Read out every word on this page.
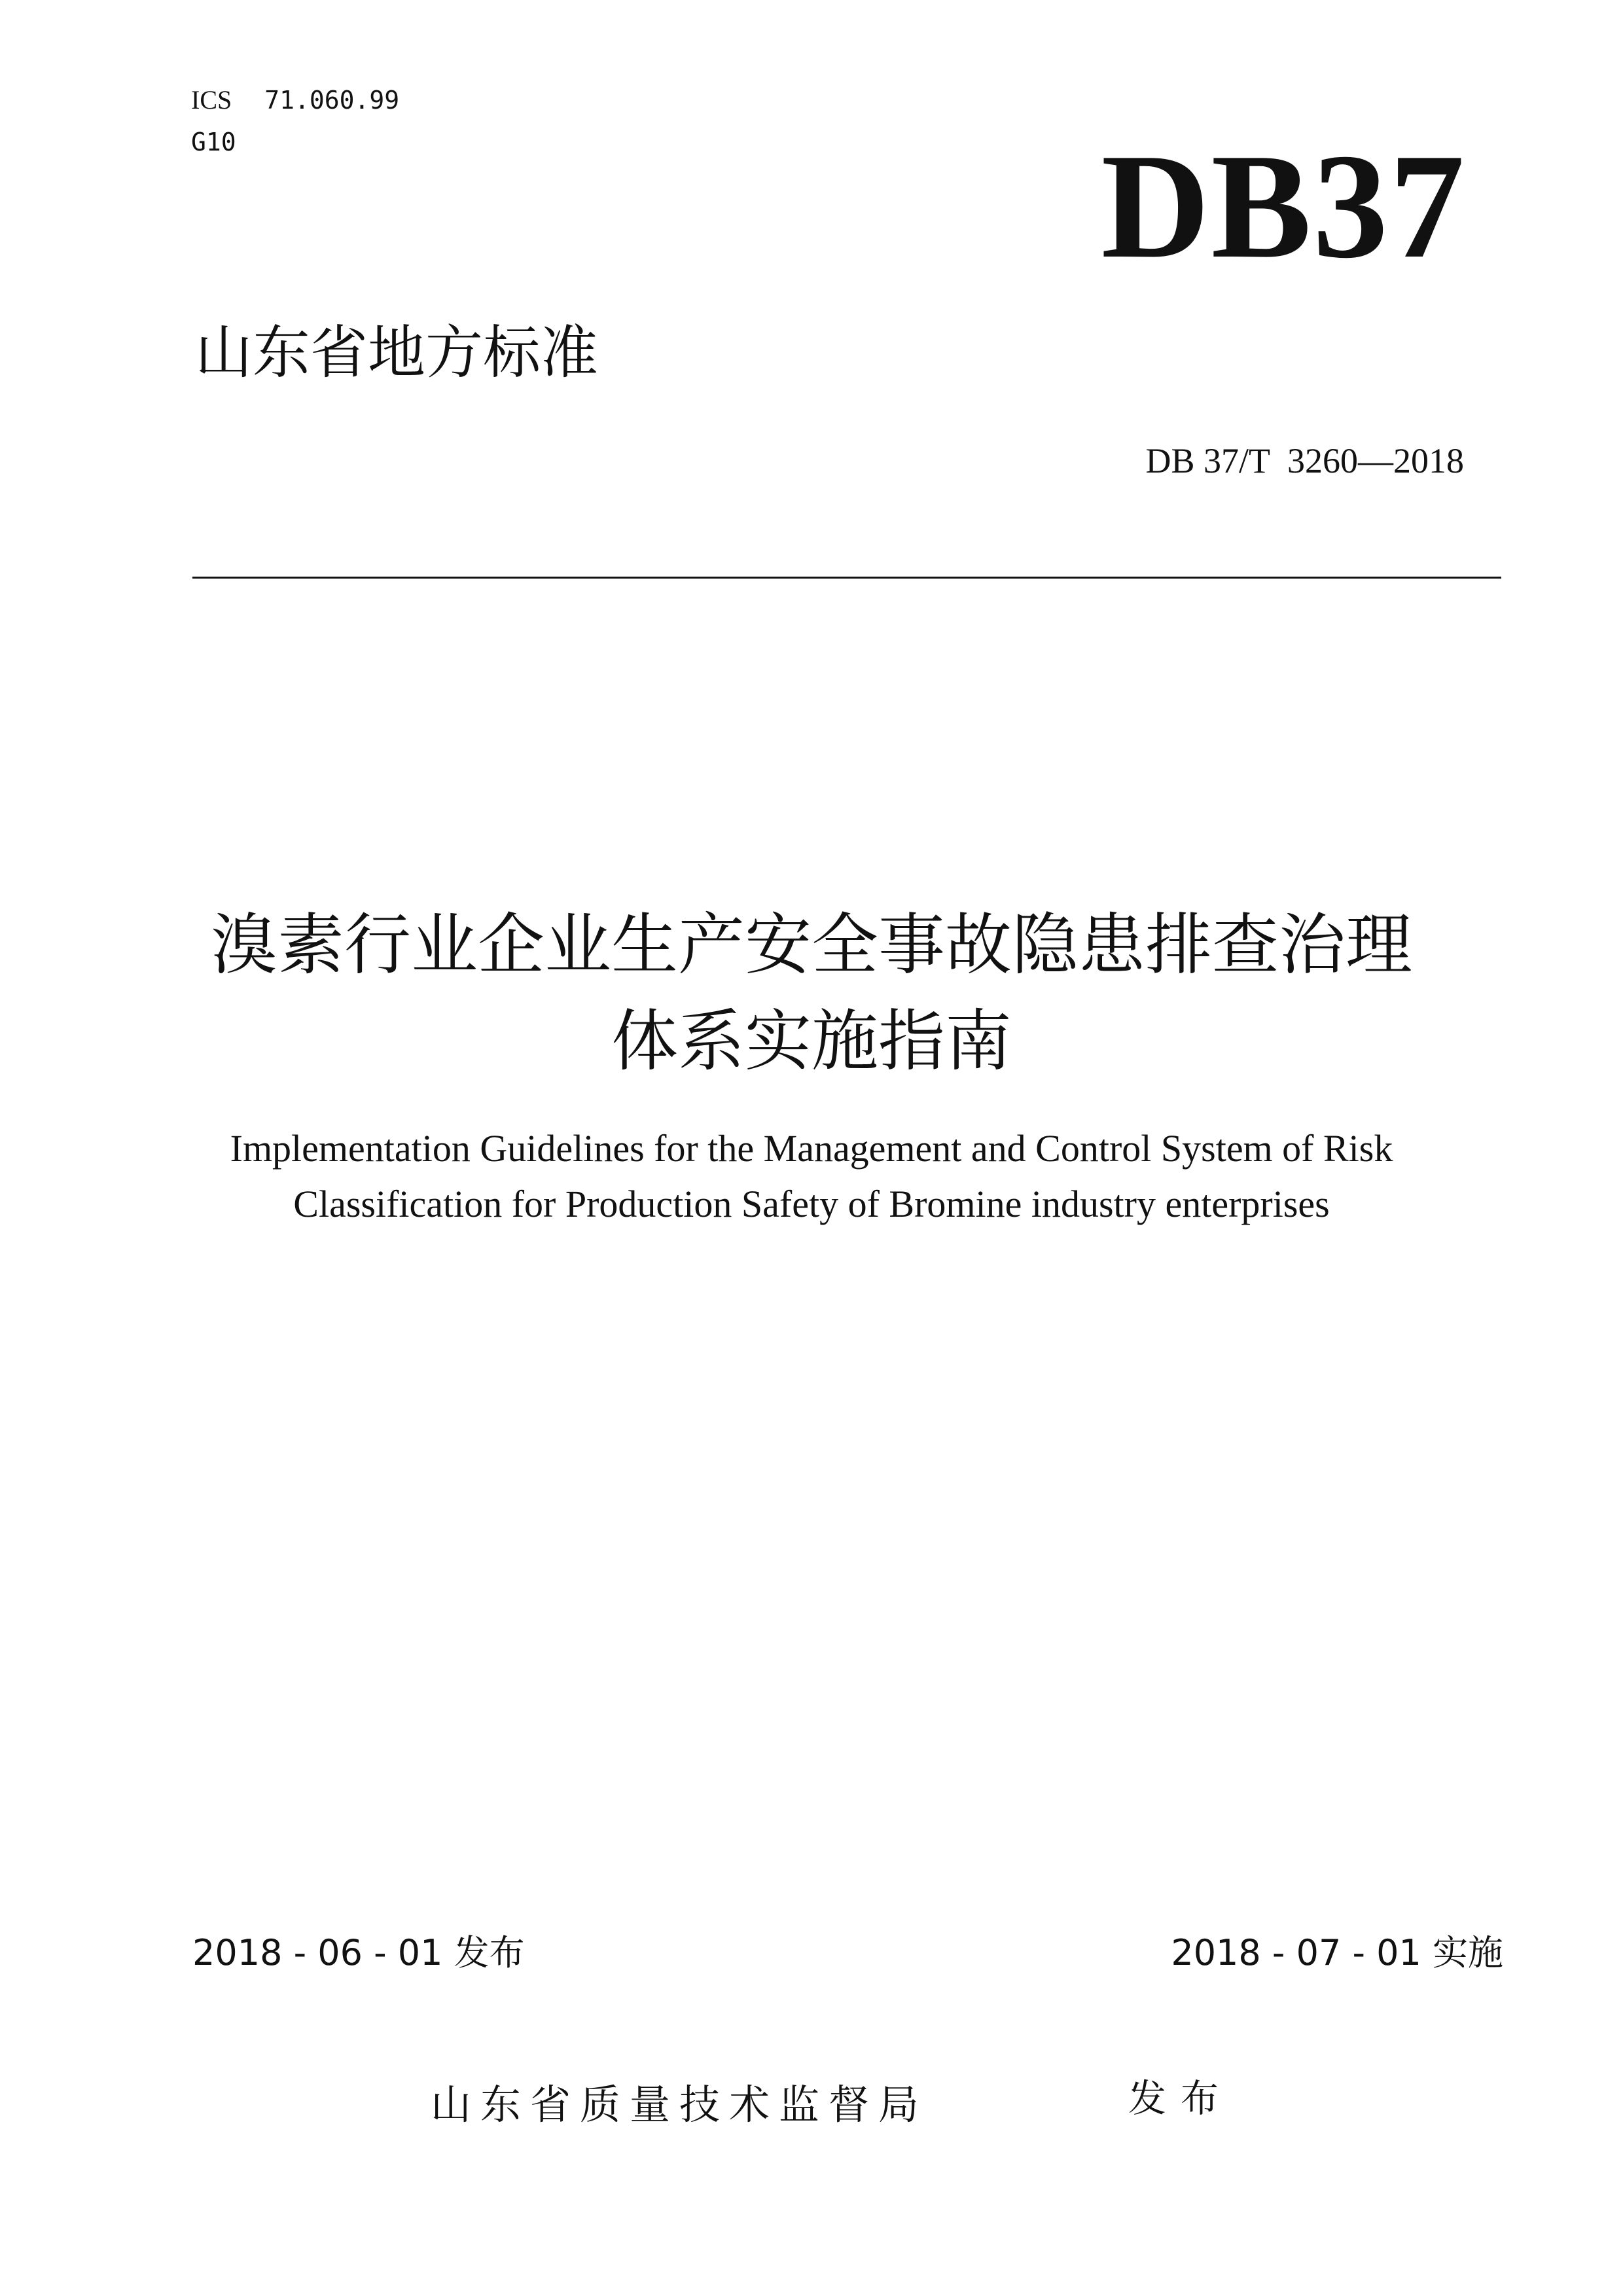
ICS 71.060.99
G10	DB37
山东省地方标准
DB 37/T  3260—2018
溴素行业企业生产安全事故隐患排查治理
体系实施指南
Implementation Guidelines for the Management and Control System of Risk
Classification for Production Safety of Bromine industry enterprises
2018 - 06 - 01 发布	2018 - 07 - 01 实施
山东省质量技术监督局	发布
